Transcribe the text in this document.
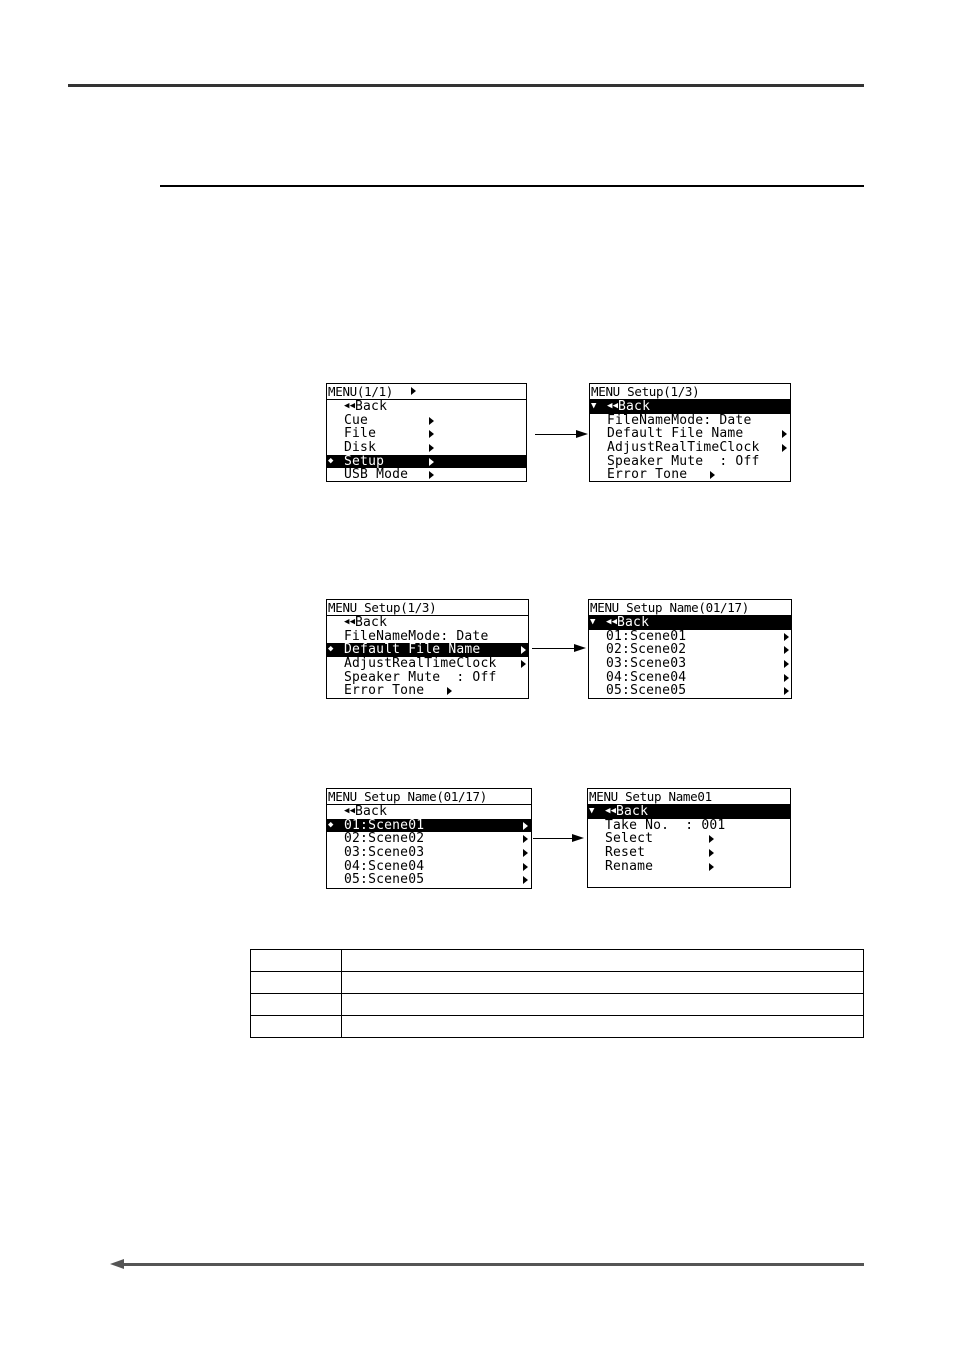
MENU(1/1)
Back
◀◀
Cue
File
Disk
◆ Setup
USB Mode
MENU Setup(1/3)
▼ ◀◀ Back
FileNameMode: Date
Default File Name
AdjustRealTimeClock
Speaker Mute  : Off
Error Tone
MENU Setup(1/3)
◀◀ Back
FileNameMode: Date
◆ Default File Name
AdjustRealTimeClock
Speaker Mute  : Off
Error Tone
MENU Setup Name(01/17)
▼ ◀◀ Back
01:Scene01
02:Scene02
03:Scene03
04:Scene04
05:Scene05
MENU Setup Name(01/17)
◀◀ Back
◆ 01:Scene01
02:Scene02
03:Scene03
04:Scene04
05:Scene05
MENU Setup Name01
▼ ◀◀ Back
Take No.  : 001
Select
Reset
Rename
